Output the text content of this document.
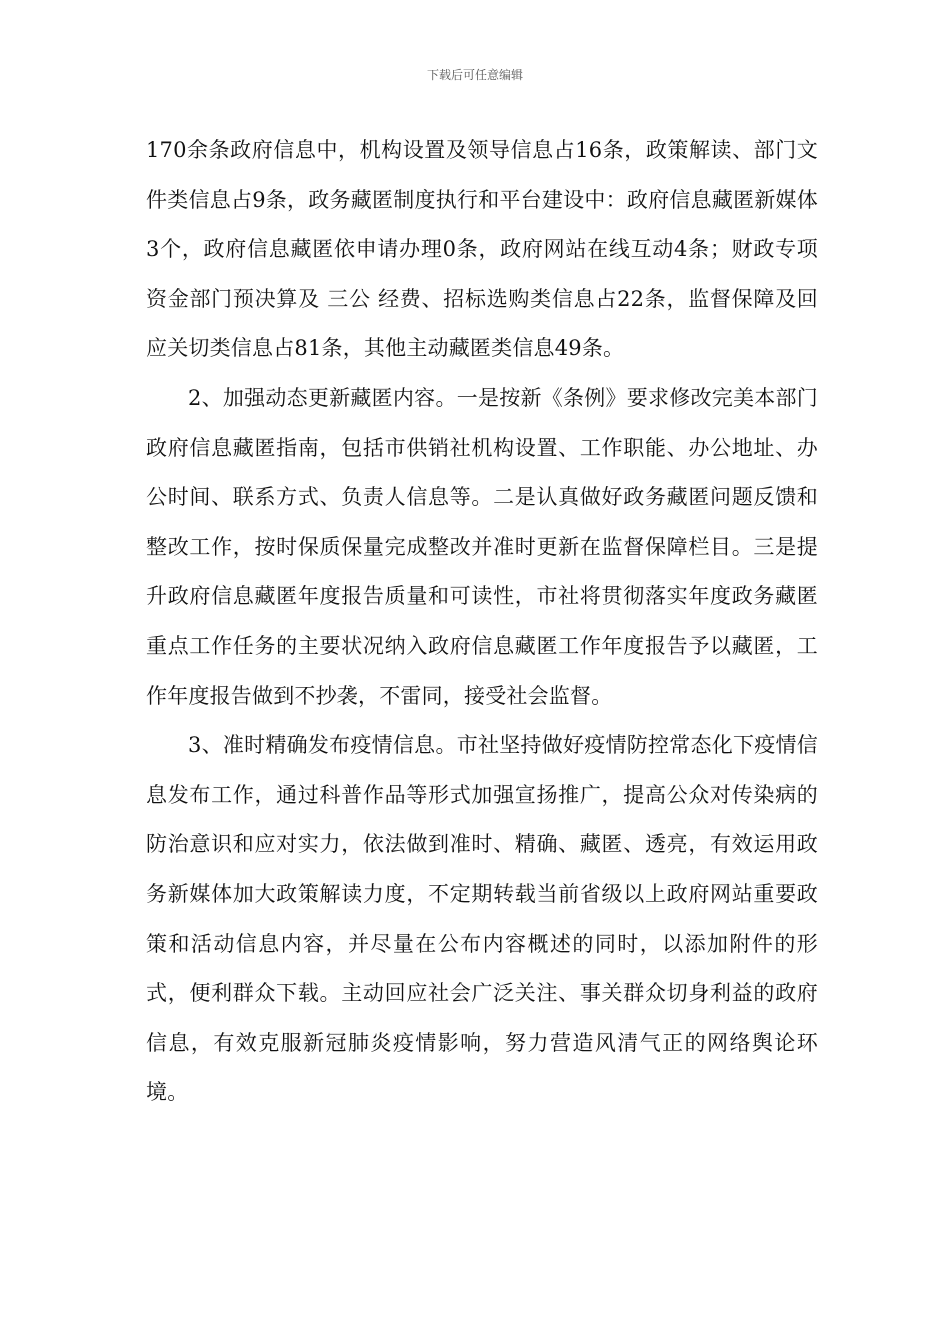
下载后可任意编辑

170余条政府信息中，机构设置及领导信息占16条，政策解读、部门文件类信息占9条，政务藏匿制度执行和平台建设中：政府信息藏匿新媒体3个，政府信息藏匿依申请办理0条，政府网站在线互动4条；财政专项资金部门预决算及 三公 经费、招标选购类信息占22条，监督保障及回应关切类信息占81条，其他主动藏匿类信息49条。

2、加强动态更新藏匿内容。一是按新《条例》要求修改完美本部门政府信息藏匿指南，包括市供销社机构设置、工作职能、办公地址、办公时间、联系方式、负责人信息等。二是认真做好政务藏匿问题反馈和整改工作，按时保质保量完成整改并准时更新在监督保障栏目。三是提升政府信息藏匿年度报告质量和可读性，市社将贯彻落实年度政务藏匿重点工作任务的主要状况纳入政府信息藏匿工作年度报告予以藏匿，工作年度报告做到不抄袭，不雷同，接受社会监督。

3、准时精确发布疫情信息。市社坚持做好疫情防控常态化下疫情信息发布工作，通过科普作品等形式加强宣扬推广，提高公众对传染病的防治意识和应对实力，依法做到准时、精确、藏匿、透亮，有效运用政务新媒体加大政策解读力度，不定期转载当前省级以上政府网站重要政策和活动信息内容，并尽量在公布内容概述的同时，以添加附件的形式，便利群众下载。主动回应社会广泛关注、事关群众切身利益的政府信息，有效克服新冠肺炎疫情影响，努力营造风清气正的网络舆论环境。
